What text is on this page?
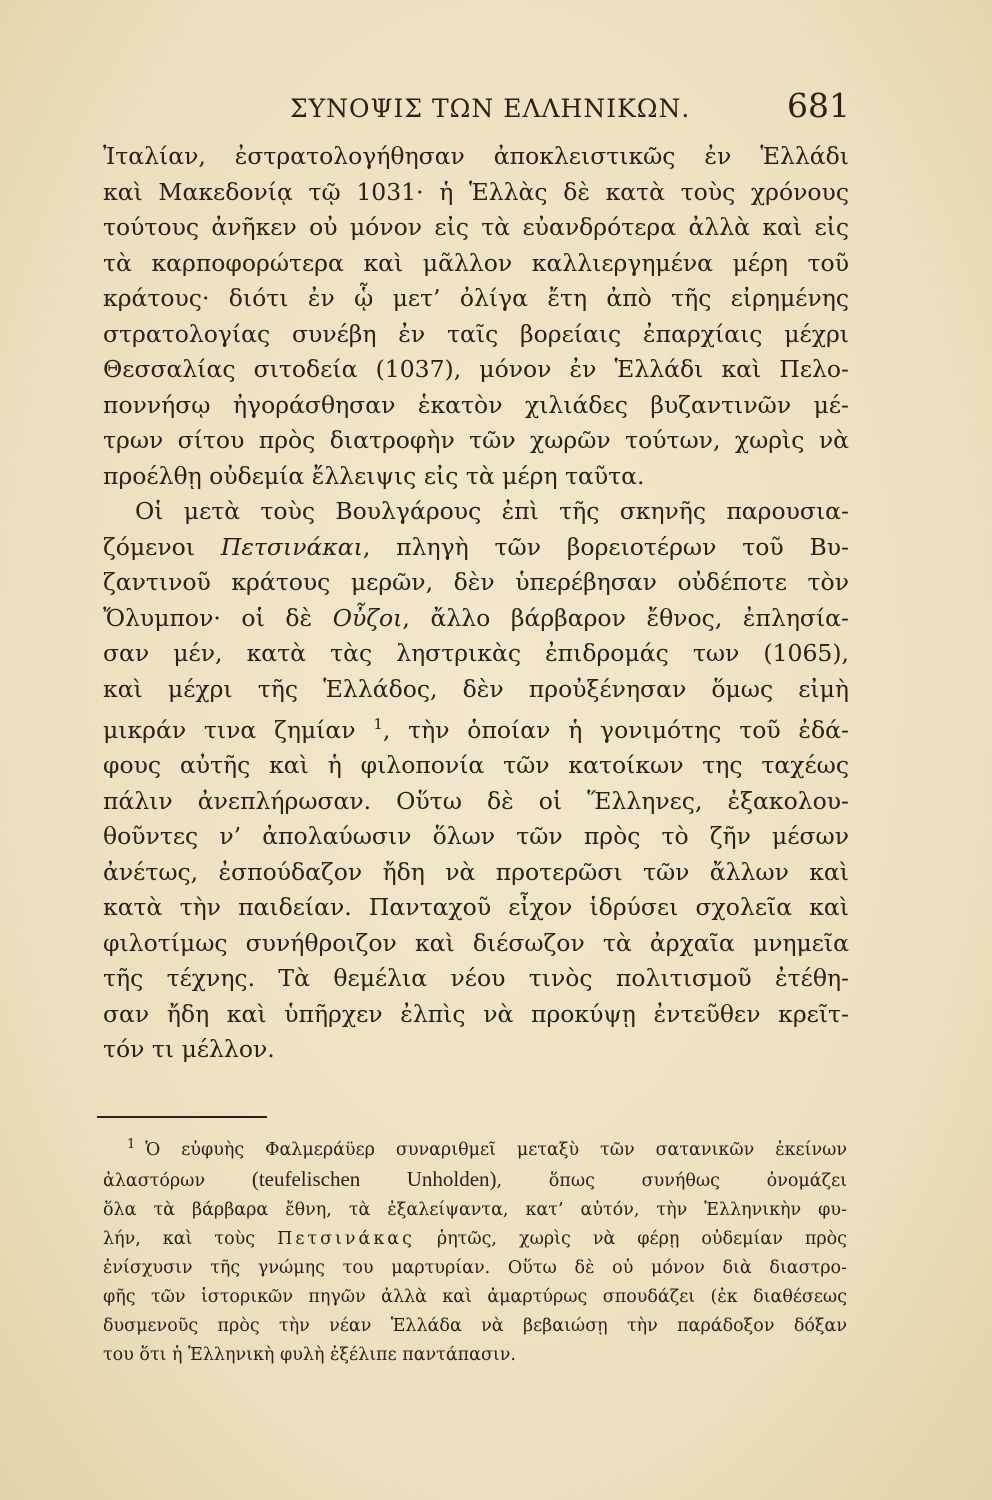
ΣΥΝΟΨΙΣ ΤΩΝ ΕΛΛΗΝΙΚΩΝ.	681
Ἰταλίαν, ἐστρατολογήθησαν ἀποκλειστικῶς ἐν Ἑλλάδι
καὶ Μακεδονίᾳ τῷ 1031· ἡ Ἑλλὰς δὲ κατὰ τοὺς χρόνους
τούτους ἀνῆκεν οὐ μόνον εἰς τὰ εὐανδρότερα ἀλλὰ καὶ εἰς
τὰ καρποφορώτερα καὶ μᾶλλον καλλιεργημένα μέρη τοῦ
κράτους· διότι ἐν ᾧ μετ’ ὀλίγα ἔτη ἀπὸ τῆς εἰρημένης
στρατολογίας συνέβη ἐν ταῖς βορείαις ἐπαρχίαις μέχρι
Θεσσαλίας σιτοδεία (1037), μόνον ἐν Ἑλλάδι καὶ Πελο-
ποννήσῳ ἠγοράσθησαν ἑκατὸν χιλιάδες βυζαντινῶν μέ-
τρων σίτου πρὸς διατροφὴν τῶν χωρῶν τούτων, χωρὶς νὰ
προέλθῃ οὐδεμία ἔλλειψις εἰς τὰ μέρη ταῦτα.
Οἱ μετὰ τοὺς Βουλγάρους ἐπὶ τῆς σκηνῆς παρουσια-
ζόμενοι Πετσινάκαι, πληγὴ τῶν βορειοτέρων τοῦ Βυ-
ζαντινοῦ κράτους μερῶν, δὲν ὑπερέβησαν οὐδέποτε τὸν
Ὄλυμπον· οἱ δὲ Οὖζοι, ἄλλο βάρβαρον ἔθνος, ἐπλησία-
σαν μέν, κατὰ τὰς ληστρικὰς ἐπιδρομάς των (1065),
καὶ μέχρι τῆς Ἑλλάδος, δὲν προὐξένησαν ὅμως εἰμὴ
μικράν τινα ζημίαν $^1$, τὴν ὁποίαν ἡ γονιμότης τοῦ ἐδά-
φους αὐτῆς καὶ ἡ φιλοπονία τῶν κατοίκων της ταχέως
πάλιν ἀνεπλήρωσαν. Οὕτω δὲ οἱ Ἕλληνες, ἐξακολου-
θοῦντες ν’ ἀπολαύωσιν ὅλων τῶν πρὸς τὸ ζῆν μέσων
ἀνέτως, ἐσπούδαζον ἤδη νὰ προτερῶσι τῶν ἄλλων καὶ
κατὰ τὴν παιδείαν. Πανταχοῦ εἶχον ἱδρύσει σχολεῖα καὶ
φιλοτίμως συνήθροιζον καὶ διέσωζον τὰ ἀρχαῖα μνημεῖα
τῆς τέχνης. Τὰ θεμέλια νέου τινὸς πολιτισμοῦ ἐτέθη-
σαν ἤδη καὶ ὑπῆρχεν ἐλπὶς νὰ προκύψῃ ἐντεῦθεν κρεῖτ-
τόν τι μέλλον.
$^1$ Ὁ εὐφυὴς Φαλμεράϋερ συναριθμεῖ μεταξὺ τῶν σατανικῶν ἐκείνων
ἀλαστόρων (teufelischen Unholden), ὅπως συνήθως ὀνομάζει
ὅλα τὰ βάρβαρα ἔθνη, τὰ ἐξαλείψαντα, κατ’ αὐτόν, τὴν Ἑλληνικὴν φυ-
λήν, καὶ τοὺς Πετσινάκας ῥητῶς, χωρὶς νὰ φέρῃ οὐδεμίαν πρὸς
ἐνίσχυσιν τῆς γνώμης του μαρτυρίαν. Οὕτω δὲ οὐ μόνον διὰ διαστρο-
φῆς τῶν ἱστορικῶν πηγῶν ἀλλὰ καὶ ἀμαρτύρως σπουδάζει (ἐκ διαθέσεως
δυσμενοῦς πρὸς τὴν νέαν Ἑλλάδα νὰ βεβαιώσῃ τὴν παράδοξον δόξαν
του ὅτι ἡ Ἑλληνικὴ φυλὴ ἐξέλιπε παντάπασιν.
